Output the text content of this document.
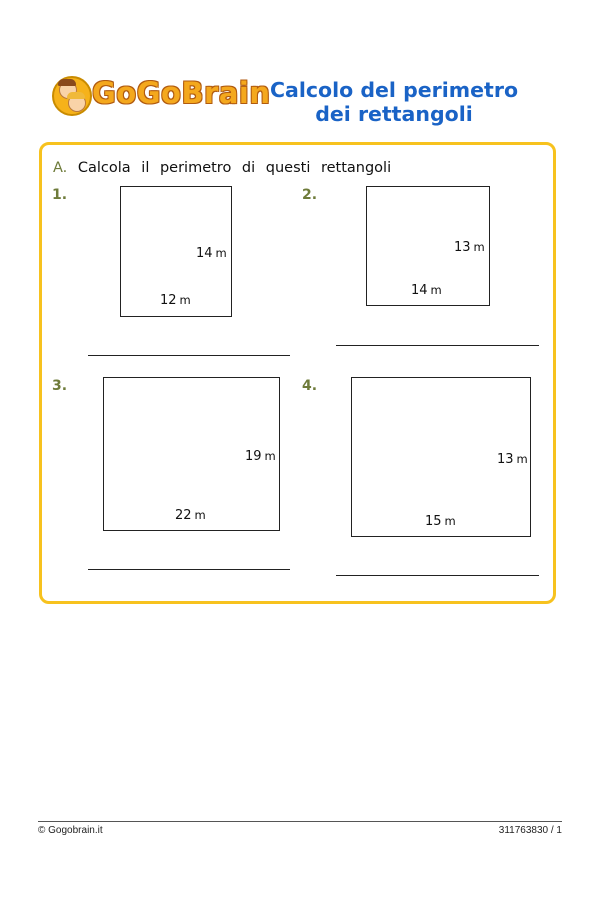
GoGoBrain Calcolo del perimetro
dei rettangoli
A. Calcola il perimetro di questi rettangoli
1.
14 m
12 m
2.
13 m
14 m
3.
19 m
22 m
4.
13 m
15 m
© Gogobrain.it	311763830 / 1
